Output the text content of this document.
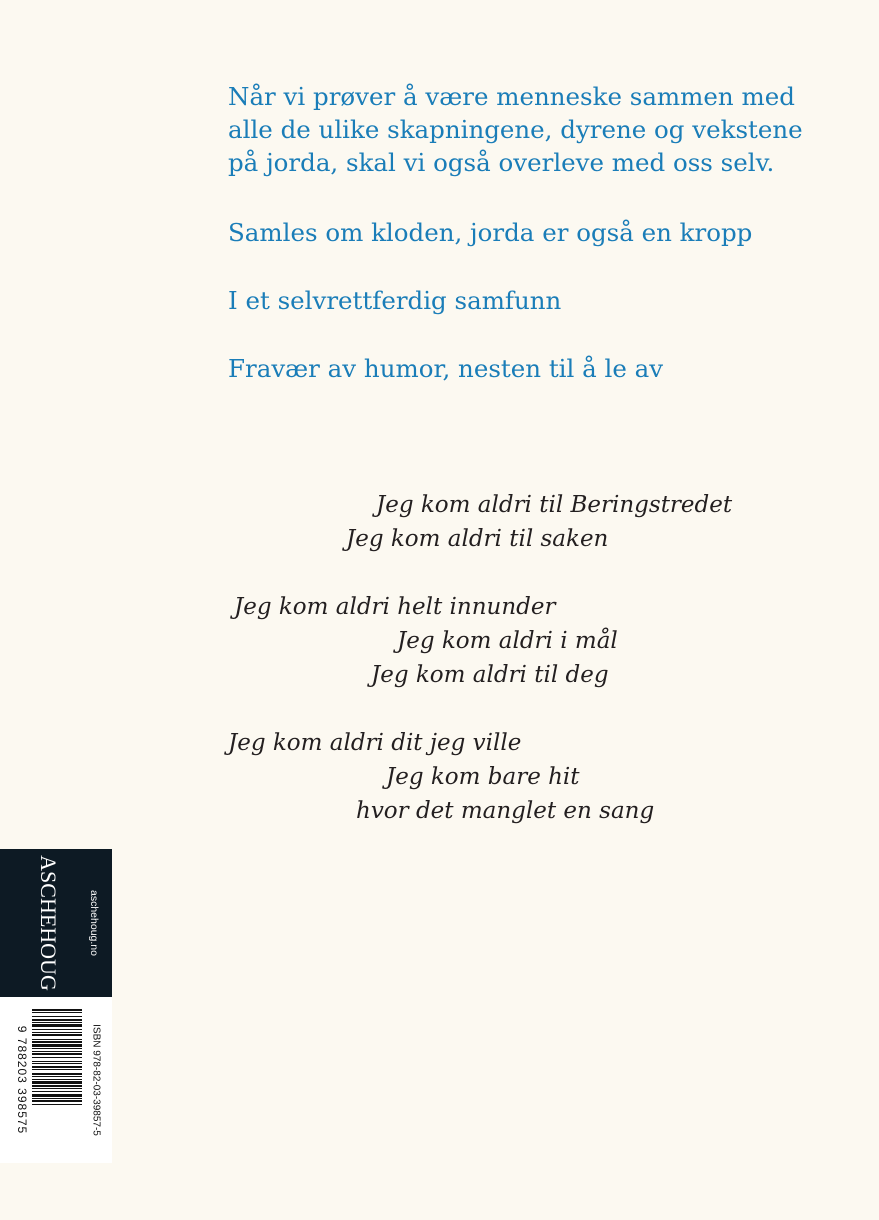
Når vi prøver å være menneske sammen med

alle de ulike skapningene, dyrene og vekstene

på jorda, skal vi også overleve med oss selv.

Samles om kloden, jorda er også en kropp

I et selvrettferdig samfunn

Fravær av humor, nesten til å le av

Jeg kom aldri til Beringstredet

Jeg kom aldri til saken

Jeg kom aldri helt innunder

Jeg kom aldri i mål

Jeg kom aldri til deg

Jeg kom aldri dit jeg ville

Jeg kom bare hit

hvor det manglet en sang

ASCHEHOUG	aschehoug.no
ISBN 978-82-03-39857-5
9 788203 398575
